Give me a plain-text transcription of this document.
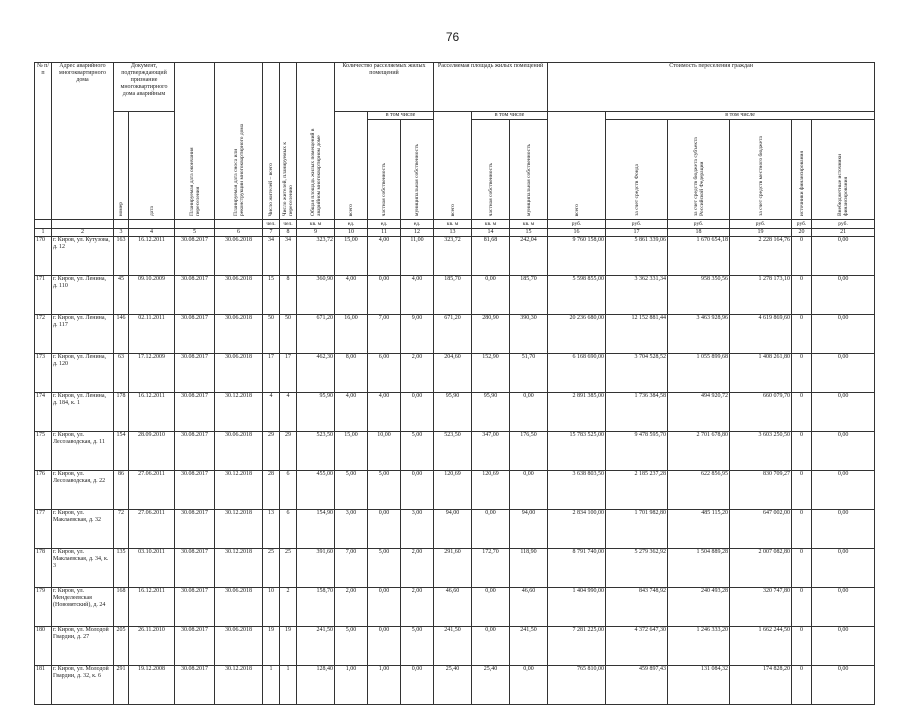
76
№ п/п	Адрес аварийного многоквартирного дома	Документ, подтверждающий признание многоквартирного дома аварийным		Планируемая дата окончания переселения	Планируемая дата сноса или реконструкции многоквартирного дома	Число жителей – всего	Число жителей, планируемых к переселению	Общая площадь жилых помещений в аварийном многоквартирном доме	Количество расселяемых жилых помещений			Расселяемая площадь жилых помещений			Стоимость переселения граждан					
		номер	дата						всего	в том числе		всего	в том числе		всего	в том числе				
										частная собственность	муниципальная собственность		частная собственность	муниципальная собственность		за счет средств Фонда	за счет средств бюджета субъекта Российской Федерации	за счет средств местного бюджета	источники финансирования	Внебюджетные источники финансирования
						чел.	чел.	кв. м	ед.	ед.	ед.	кв. м	кв. м	кв. м	руб.	руб.	руб.	руб.	руб.	руб.
1	2	3	4	5	6	7	8	9	10	11	12	13	14	15	16	17	18	19	20	21
170	г. Киров, ул. Кутузова, д. 12	163	16.12.2011	30.08.2017	30.06.2018	34	34	323,72	15,00	4,00	11,00	323,72	81,68	242,04	9 760 158,00	5 861 339,06	1 670 654,18	2 228 164,76	0	0,00
171	г. Киров, ул. Ленина, д. 110	45	09.10.2009	30.08.2017	30.06.2018	15	8	360,90	4,00	0,00	4,00	185,70	0,00	185,70	5 598 855,00	3 362 331,34	958 350,56	1 278 173,10	0	0,00
172	г. Киров, ул. Ленина, д. 117	146	02.11.2011	30.08.2017	30.06.2018	50	50	671,20	16,00	7,00	9,00	671,20	280,90	390,30	20 236 680,00	12 152 881,44	3 463 928,96	4 619 869,60	0	0,00
173	г. Киров, ул. Ленина, д. 120	63	17.12.2009	30.08.2017	30.06.2018	17	17	462,30	8,00	6,00	2,00	204,60	152,90	51,70	6 168 690,00	3 704 528,52	1 055 899,68	1 408 261,80	0	0,00
174	г. Киров, ул. Ленина, д. 184, к. 1	178	16.12.2011	30.08.2017	30.12.2018	4	4	95,90	4,00	4,00	0,00	95,90	95,90	0,00	2 891 385,00	1 736 384,58	494 920,72	660 079,70	0	0,00
175	г. Киров, ул. Лесозаводская, д. 11	154	28.09.2010	30.08.2017	30.06.2018	29	29	523,50	15,00	10,00	5,00	523,50	347,00	176,50	15 783 525,00	9 478 595,70	2 701 678,80	3 603 250,50	0	0,00
176	г. Киров, ул. Лесозаводская, д. 22	86	27.06.2011	30.08.2017	30.12.2018	28	6	455,00	5,00	5,00	0,00	120,69	120,69	0,00	3 638 803,50	2 185 237,28	622 856,95	830 709,27	0	0,00
177	г. Киров, ул. Маклаевская, д. 32	72	27.06.2011	30.08.2017	30.12.2018	13	6	154,90	3,00	0,00	3,00	94,00	0,00	94,00	2 834 100,00	1 701 982,80	485 115,20	647 002,00	0	0,00
178	г. Киров, ул. Маклаевская, д. 34, к. 3	135	03.10.2011	30.08.2017	30.12.2018	25	25	391,60	7,00	5,00	2,00	291,60	172,70	118,90	8 791 740,00	5 279 362,92	1 504 889,28	2 007 082,80	0	0,00
179	г. Киров, ул. Менделеевская (Нововятский), д. 24	168	16.12.2011	30.08.2017	30.06.2018	10	2	158,70	2,00	0,00	2,00	46,60	0,00	46,60	1 404 990,00	843 748,92	240 493,28	320 747,80	0	0,00
180	г. Киров, ул. Молодой Гвардии, д. 27	205	26.11.2010	30.08.2017	30.06.2018	19	19	241,50	5,00	0,00	5,00	241,50	0,00	241,50	7 281 225,00	4 372 647,30	1 246 333,20	1 662 244,50	0	0,00
181	г. Киров, ул. Молодой Гвардии, д. 32, к. 6	291	19.12.2008	30.08.2017	30.12.2018	1	1	128,40	1,00	1,00	0,00	25,40	25,40	0,00	765 810,00	459 897,43	131 084,32	174 828,20	0	0,00
